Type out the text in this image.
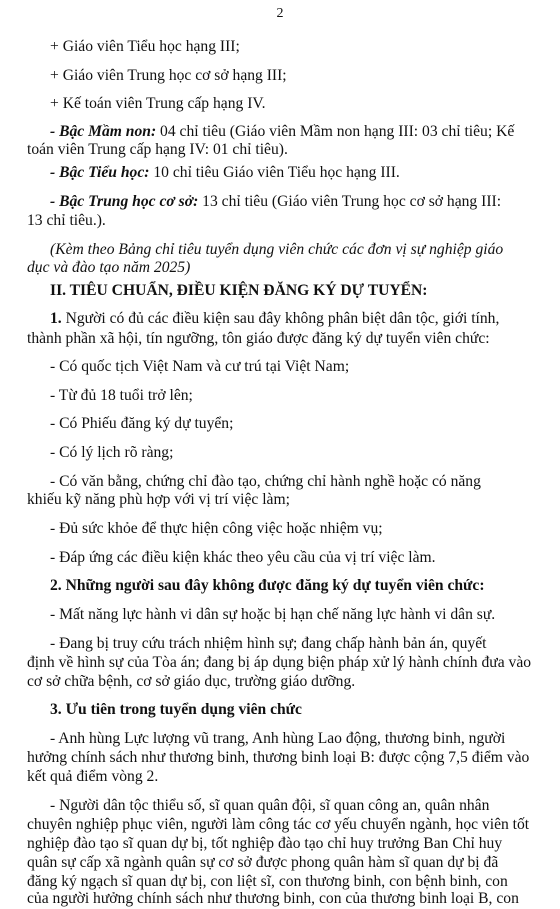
2
+ Giáo viên Tiểu học hạng III;
+ Giáo viên Trung học cơ sở hạng III;
+ Kế toán viên Trung cấp hạng IV.
- Bậc Mầm non: 04 chỉ tiêu (Giáo viên Mầm non hạng III: 03 chỉ tiêu; Kế
toán viên Trung cấp hạng IV: 01 chỉ tiêu).
- Bậc Tiểu học: 10 chỉ tiêu Giáo viên Tiểu học hạng III.
- Bậc Trung học cơ sở: 13 chỉ tiêu (Giáo viên Trung học cơ sở hạng III:
13 chỉ tiêu.).
(Kèm theo Bảng chỉ tiêu tuyển dụng viên chức các đơn vị sự nghiệp giáo
dục và đào tạo năm 2025)
II. TIÊU CHUẨN, ĐIỀU KIỆN ĐĂNG KÝ DỰ TUYỂN:
1. Người có đủ các điều kiện sau đây không phân biệt dân tộc, giới tính,
thành phần xã hội, tín ngưỡng, tôn giáo được đăng ký dự tuyển viên chức:
- Có quốc tịch Việt Nam và cư trú tại Việt Nam;
- Từ đủ 18 tuổi trở lên;
- Có Phiếu đăng ký dự tuyển;
- Có lý lịch rõ ràng;
- Có văn bằng, chứng chỉ đào tạo, chứng chỉ hành nghề hoặc có năng
khiếu kỹ năng phù hợp với vị trí việc làm;
- Đủ sức khỏe để thực hiện công việc hoặc nhiệm vụ;
- Đáp ứng các điều kiện khác theo yêu cầu của vị trí việc làm.
2. Những người sau đây không được đăng ký dự tuyển viên chức:
- Mất năng lực hành vi dân sự hoặc bị hạn chế năng lực hành vi dân sự.
- Đang bị truy cứu trách nhiệm hình sự; đang chấp hành bản án, quyết
định về hình sự của Tòa án; đang bị áp dụng biện pháp xử lý hành chính đưa vào
cơ sở chữa bệnh, cơ sở giáo dục, trường giáo dưỡng.
3. Ưu tiên trong tuyển dụng viên chức
- Anh hùng Lực lượng vũ trang, Anh hùng Lao động, thương binh, người
hưởng chính sách như thương binh, thương binh loại B: được cộng 7,5 điểm vào
kết quả điểm vòng 2.
- Người dân tộc thiểu số, sĩ quan quân đội, sĩ quan công an, quân nhân
chuyên nghiệp phục viên, người làm công tác cơ yếu chuyển ngành, học viên tốt
nghiệp đào tạo sĩ quan dự bị, tốt nghiệp đào tạo chỉ huy trưởng Ban Chỉ huy
quân sự cấp xã ngành quân sự cơ sở được phong quân hàm sĩ quan dự bị đã
đăng ký ngạch sĩ quan dự bị, con liệt sĩ, con thương binh, con bệnh binh, con
của người hưởng chính sách như thương binh, con của thương binh loại B, con
